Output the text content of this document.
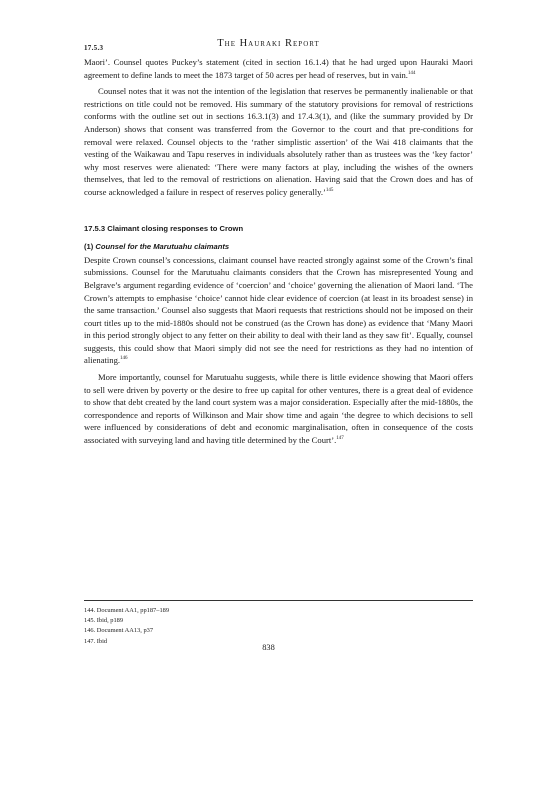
The Hauraki Report
17.5.3

Maori’. Counsel quotes Puckey’s statement (cited in section 16.1.4) that he had urged upon Hauraki Maori agreement to define lands to meet the 1873 target of 50 acres per head of reserves, but in vain.$^{144}$

Counsel notes that it was not the intention of the legislation that reserves be permanently inalienable or that restrictions on title could not be removed. His summary of the statutory provisions for removal of restrictions conforms with the outline set out in sections 16.3.1(3) and 17.4.3(1), and (like the summary provided by Dr Anderson) shows that consent was transferred from the Governor to the court and that pre-conditions for removal were relaxed. Counsel objects to the ‘rather simplistic assertion’ of the Wai 418 claimants that the vesting of the Waikawau and Tapu reserves in individuals absolutely rather than as trustees was the ‘key factor’ why most reserves were alienated: ‘There were many factors at play, including the wishes of the owners themselves, that led to the removal of restrictions on alienation. Having said that the Crown does and has of course acknowledged a failure in respect of reserves policy generally.’$^{145}$

17.5.3 Claimant closing responses to Crown
(1) Counsel for the Marutuahu claimants

Despite Crown counsel’s concessions, claimant counsel have reacted strongly against some of the Crown’s final submissions. Counsel for the Marutuahu claimants considers that the Crown has misrepresented Young and Belgrave’s argument regarding evidence of ‘coercion’ and ‘choice’ governing the alienation of Maori land. ‘The Crown’s attempts to emphasise ‘choice’ cannot hide clear evidence of coercion (at least in its broadest sense) in the same transaction.’ Counsel also suggests that Maori requests that restrictions should not be imposed on their court titles up to the mid-1880s should not be construed (as the Crown has done) as evidence that ‘Many Maori in this period strongly object to any fetter on their ability to deal with their land as they saw fit’. Equally, counsel suggests, this could show that Maori simply did not see the need for restrictions as they had no intention of alienating.$^{146}$

More importantly, counsel for Marutuahu suggests, while there is little evidence showing that Maori offers to sell were driven by poverty or the desire to free up capital for other ventures, there is a great deal of evidence to show that debt created by the land court system was a major consideration. Especially after the mid-1880s, the correspondence and reports of Wilkinson and Mair show time and again ‘the degree to which decisions to sell were influenced by considerations of debt and economic marginalisation, often in consequence of the costs associated with surveying land and having title determined by the Court’.$^{147}$

144. Document AA1, pp187–189
145. Ibid, p189
146. Document AA13, p37
147. Ibid
838
